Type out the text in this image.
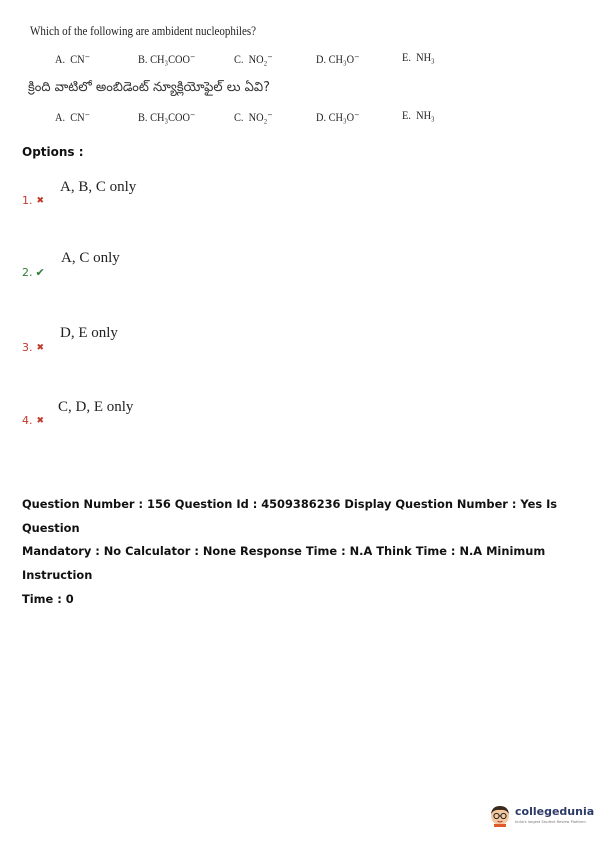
Which of the following are ambident nucleophiles?
A. CN⁻	B. CH₃COO⁻	C. NO₂⁻	D. CH₃O⁻	E. NH₃
క్రింది వాటిలో అంబిడెంట్ న్యూక్లియోఫైల్ లు ఏవి?
A. CN⁻	B. CH₃COO⁻	C. NO₂⁻	D. CH₃O⁻	E. NH₃
Options :
A, B, C only
1. ✖
A, C only
2. ✔
D, E only
3. ✖
C, D, E only
4. ✖
Question Number : 156 Question Id : 4509386236 Display Question Number : Yes Is Question
Mandatory : No Calculator : None Response Time : N.A Think Time : N.A Minimum Instruction
Time : 0
collegedunia
India's largest Student Review Platform
